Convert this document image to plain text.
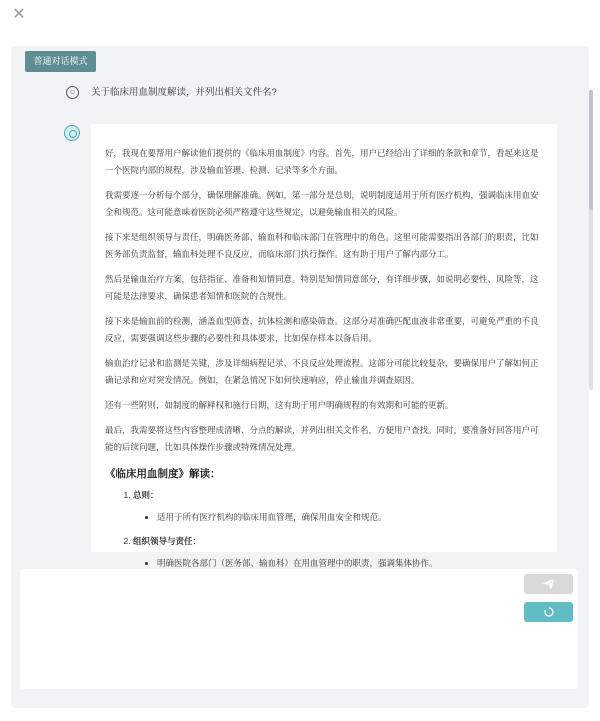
✕
普通对话模式
☺	关于临床用血制度解读，并列出相关文件名?

好，我现在要帮用户解读他们提供的《临床用血制度》内容。首先，用户已经给出了详细的条款和章节，看起来这是一个医院内部的规程，涉及输血管理、检测、记录等多个方面。

我需要逐一分析每个部分，确保理解准确。例如，第一部分是总则，说明制度适用于所有医疗机构，强调临床用血安全和规范。这可能意味着医院必须严格遵守这些规定，以避免输血相关的风险。

接下来是组织领导与责任，明确医务部、输血科和临床部门在管理中的角色。这里可能需要指出各部门的职责，比如医务部负责监督，输血科处理不良反应，而临床部门执行操作。这有助于用户了解内部分工。

然后是输血治疗方案，包括指征、准备和知情同意。特别是知情同意部分，有详细步骤，如说明必要性、风险等，这可能是法律要求，确保患者知情和医院的合规性。

接下来是输血前的检测，涵盖血型筛查、抗体检测和感染筛查。这部分对准确匹配血液非常重要，可避免严重的不良反应，需要强调这些步骤的必要性和具体要求，比如保存样本以备后用。

输血治疗记录和监测是关键，涉及详细病程记录、不良反应处理流程。这部分可能比较复杂，要确保用户了解如何正确记录和应对突发情况。例如，在紧急情况下如何快速响应，停止输血并调查原因。

还有一些附则，如制度的解释权和施行日期，这有助于用户明确规程的有效期和可能的更新。

最后，我需要将这些内容整理成清晰、分点的解读，并列出相关文件名，方便用户查找。同时，要准备好回答用户可能的后续问题，比如具体操作步骤或特殊情况处理。

《临床用血制度》解读：
1. 总则：
• 适用于所有医疗机构的临床用血管理，确保用血安全和规范。
2. 组织领导与责任：
• 明确医院各部门（医务部、输血科）在用血管理中的职责，强调集体协作。
